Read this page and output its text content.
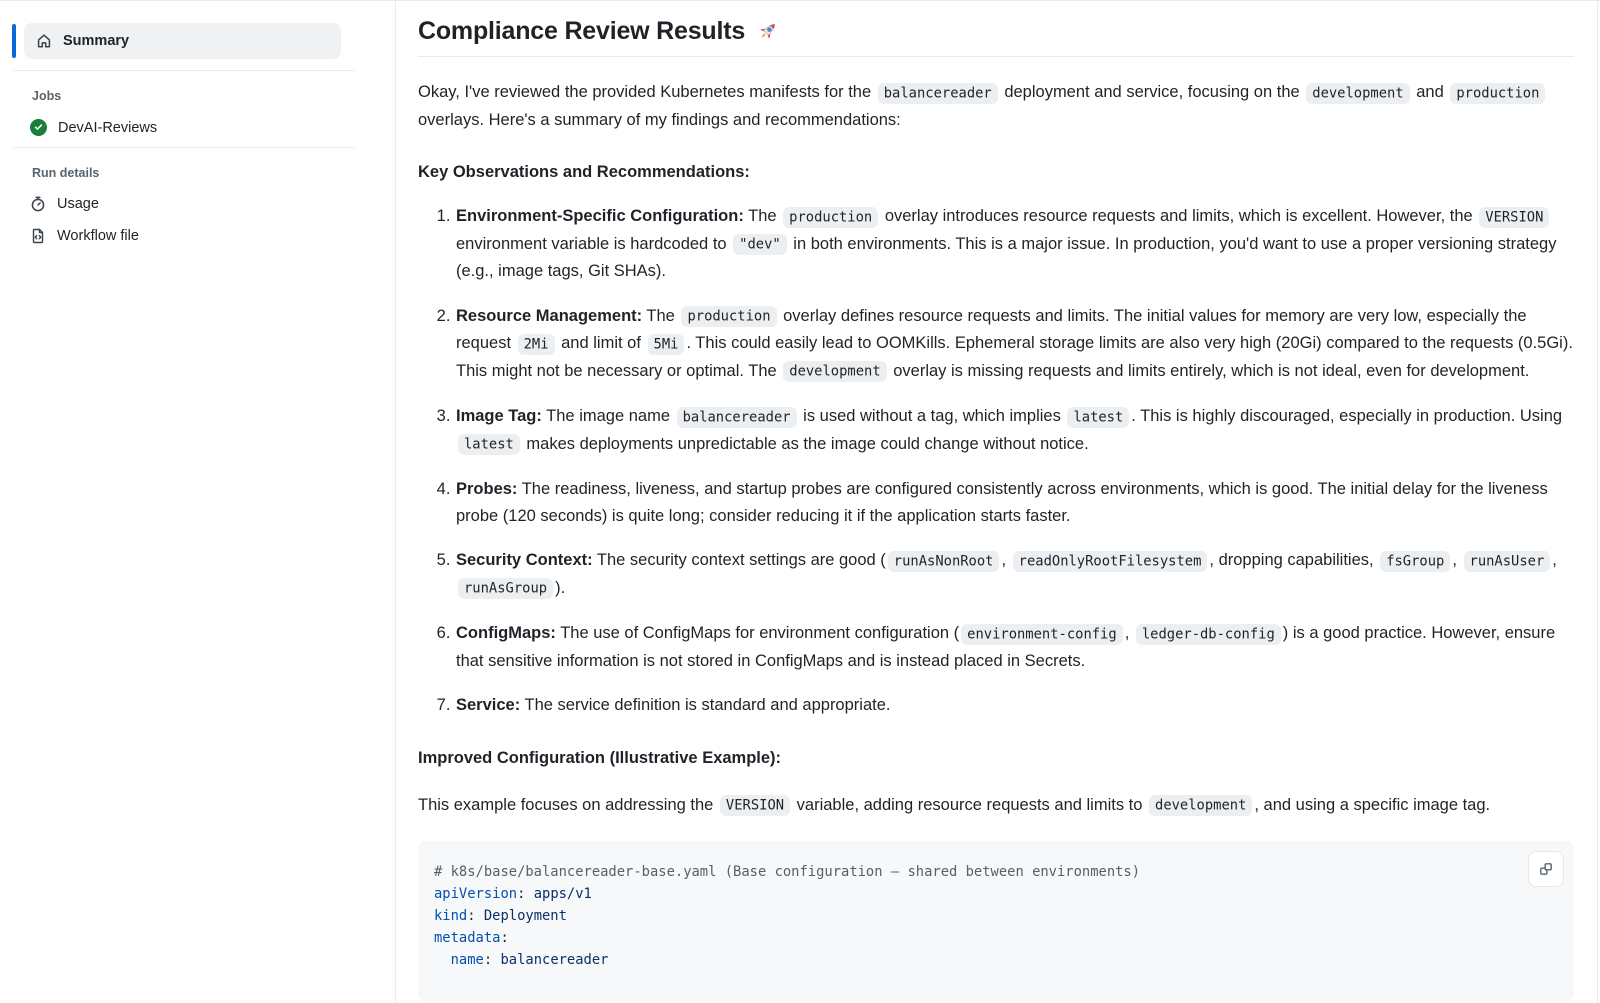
Summary
Jobs
DevAI-Reviews
Run details
Usage
Workflow file
Compliance Review Results

Okay, I've reviewed the provided Kubernetes manifests for the balancereader deployment and service, focusing on the development and production overlays. Here's a summary of my findings and recommendations:

Key Observations and Recommendations:
1. Environment-Specific Configuration: The production overlay introduces resource requests and limits, which is excellent. However, the VERSION environment variable is hardcoded to "dev" in both environments. This is a major issue. In production, you'd want to use a proper versioning strategy (e.g., image tags, Git SHAs).
2. Resource Management: The production overlay defines resource requests and limits. The initial values for memory are very low, especially the request 2Mi and limit of 5Mi . This could easily lead to OOMKills. Ephemeral storage limits are also very high (20Gi) compared to the requests (0.5Gi). This might not be necessary or optimal. The development overlay is missing requests and limits entirely, which is not ideal, even for development.
3. Image Tag: The image name balancereader is used without a tag, which implies latest . This is highly discouraged, especially in production. Using latest makes deployments unpredictable as the image could change without notice.
4. Probes: The readiness, liveness, and startup probes are configured consistently across environments, which is good. The initial delay for the liveness probe (120 seconds) is quite long; consider reducing it if the application starts faster.
5. Security Context: The security context settings are good ( runAsNonRoot , readOnlyRootFilesystem , dropping capabilities, fsGroup , runAsUser , runAsGroup ).
6. ConfigMaps: The use of ConfigMaps for environment configuration ( environment-config , ledger-db-config ) is a good practice. However, ensure that sensitive information is not stored in ConfigMaps and is instead placed in Secrets.
7. Service: The service definition is standard and appropriate.
Improved Configuration (Illustrative Example):

This example focuses on addressing the VERSION variable, adding resource requests and limits to development , and using a specific image tag.

# k8s/base/balancereader-base.yaml (Base configuration — shared between environments)
apiVersion: apps/v1
kind: Deployment
metadata:
name: balancereader
